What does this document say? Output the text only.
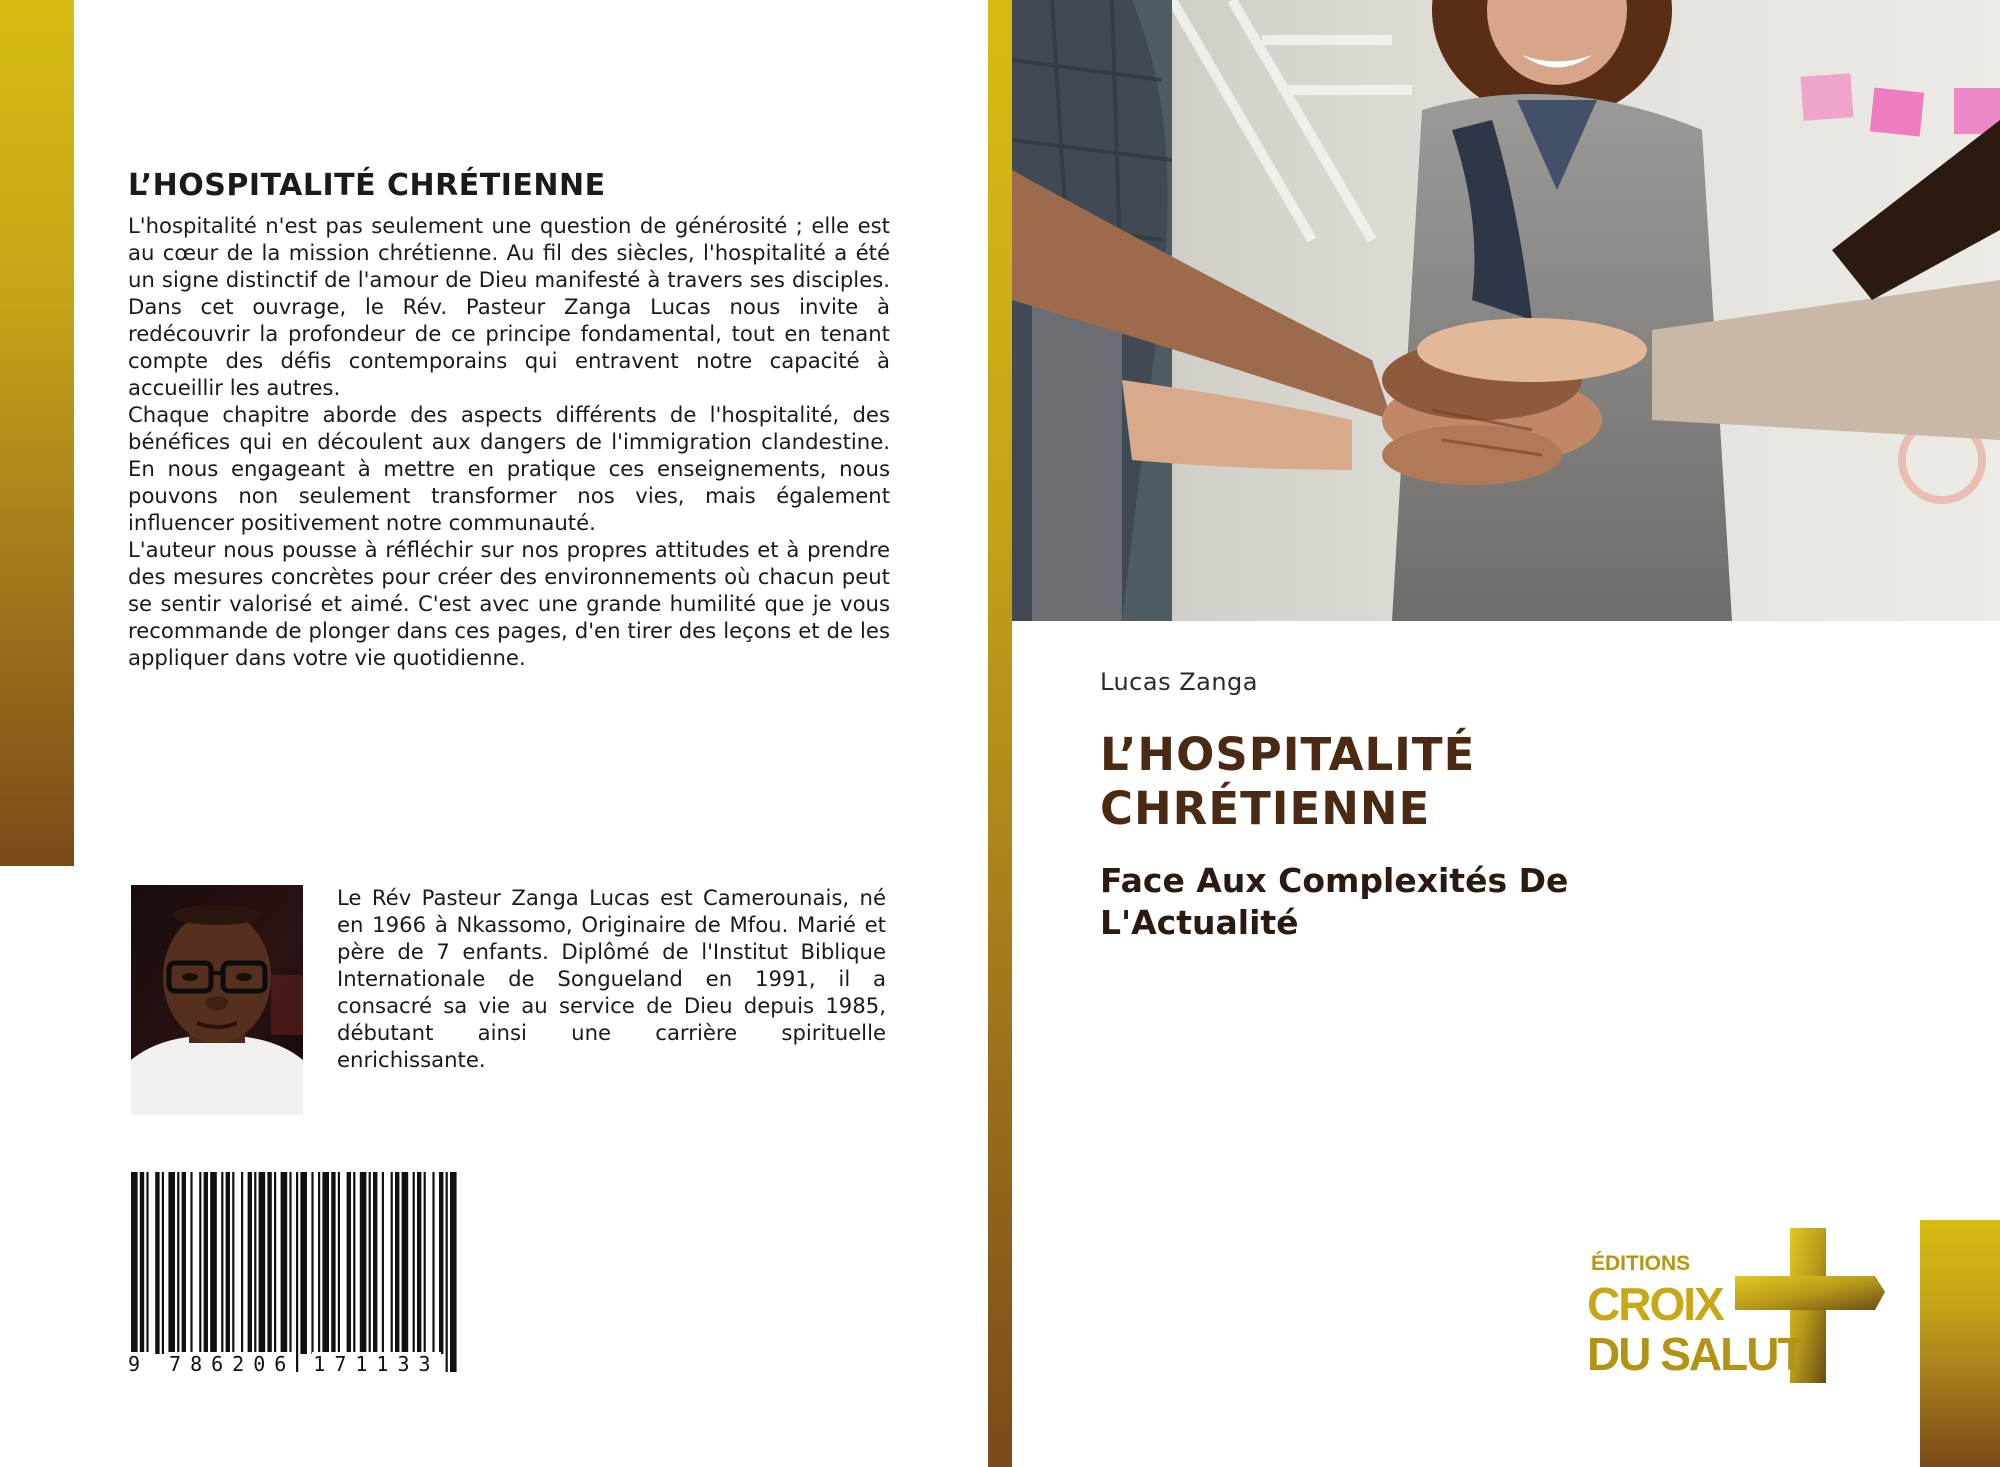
L’HOSPITALITÉ CHRÉTIENNE

L'hospitalité n'est pas seulement une question de générosité ; elle est au cœur de la mission chrétienne. Au fil des siècles, l'hospitalité a été un signe distinctif de l'amour de Dieu manifesté à travers ses disciples. Dans cet ouvrage, le Rév. Pasteur Zanga Lucas nous invite à redécouvrir la profondeur de ce principe fondamental, tout en tenant compte des défis contemporains qui entravent notre capacité à accueillir les autres.

Chaque chapitre aborde des aspects différents de l'hospitalité, des bénéfices qui en découlent aux dangers de l'immigration clandestine. En nous engageant à mettre en pratique ces enseignements, nous pouvons non seulement transformer nos vies, mais également influencer positivement notre communauté.

L'auteur nous pousse à réfléchir sur nos propres attitudes et à prendre des mesures concrètes pour créer des environnements où chacun peut se sentir valorisé et aimé. C'est avec une grande humilité que je vous recommande de plonger dans ces pages, d'en tirer des leçons et de les appliquer dans votre vie quotidienne.

Le Rév Pasteur Zanga Lucas est Camerounais, né en 1966 à Nkassomo, Originaire de Mfou. Marié et père de 7 enfants. Diplômé de l'Institut Biblique Internationale de Songueland en 1991, il a consacré sa vie au service de Dieu depuis 1985, débutant ainsi une carrière spirituelle enrichissante.
9 786206 171133

Lucas Zanga

L’HOSPITALITÉ CHRÉTIENNE
Face Aux Complexités De L'Actualité
ÉDITIONS
CROIX
DU SALUT
